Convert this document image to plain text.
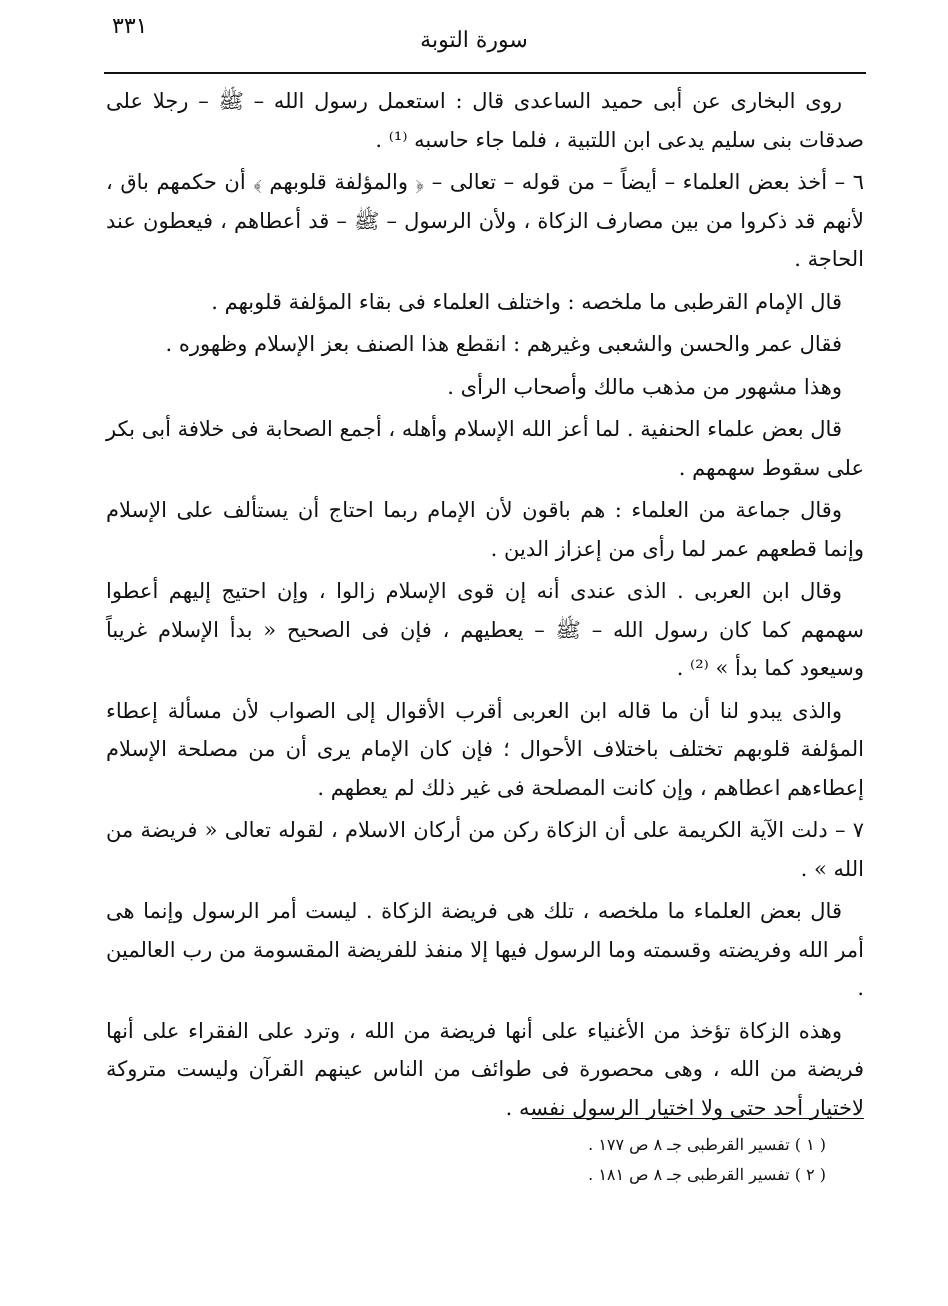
٣٣١
سورة التوبة

روى البخارى عن أبى حميد الساعدى قال : استعمل رسول الله – ﷺ – رجلا على صدقات بنى سليم يدعى ابن اللتبية ، فلما جاء حاسبه ⁽¹⁾ .

٦ – أخذ بعض العلماء – أيضاً – من قوله – تعالى – ﴿ والمؤلفة قلوبهم ﴾ أن حكمهم باق ، لأنهم قد ذكروا من بين مصارف الزكاة ، ولأن الرسول – ﷺ – قد أعطاهم ، فيعطون عند الحاجة .

قال الإمام القرطبى ما ملخصه : واختلف العلماء فى بقاء المؤلفة قلوبهم .

فقال عمر والحسن والشعبى وغيرهم : انقطع هذا الصنف بعز الإسلام وظهوره .

وهذا مشهور من مذهب مالك وأصحاب الرأى .

قال بعض علماء الحنفية . لما أعز الله الإسلام وأهله ، أجمع الصحابة فى خلافة أبى بكر على سقوط سهمهم .

وقال جماعة من العلماء : هم باقون لأن الإمام ربما احتاج أن يستألف على الإسلام وإنما قطعهم عمر لما رأى من إعزاز الدين .

وقال ابن العربى . الذى عندى أنه إن قوى الإسلام زالوا ، وإن احتيج إليهم أعطوا سهمهم كما كان رسول الله – ﷺ – يعطيهم ، فإن فى الصحيح « بدأ الإسلام غريباً وسيعود كما بدأ » ⁽²⁾ .

والذى يبدو لنا أن ما قاله ابن العربى أقرب الأقوال إلى الصواب لأن مسألة إعطاء المؤلفة قلوبهم تختلف باختلاف الأحوال ؛ فإن كان الإمام يرى أن من مصلحة الإسلام إعطاءهم اعطاهم ، وإن كانت المصلحة فى غير ذلك لم يعطهم .

٧ – دلت الآية الكريمة على أن الزكاة ركن من أركان الاسلام ، لقوله تعالى « فريضة من الله » .

قال بعض العلماء ما ملخصه ، تلك هى فريضة الزكاة . ليست أمر الرسول وإنما هى أمر الله وفريضته وقسمته وما الرسول فيها إلا منفذ للفريضة المقسومة من رب العالمين .

وهذه الزكاة تؤخذ من الأغنياء على أنها فريضة من الله ، وترد على الفقراء على أنها فريضة من الله ، وهى محصورة فى طوائف من الناس عينهم القرآن وليست متروكة لاختيار أحد حتى ولا اختيار الرسول نفسه .

( ١ ) تفسير القرطبى جـ ٨ ص ١٧٧ .
( ٢ ) تفسير القرطبى جـ ٨ ص ١٨١ .
